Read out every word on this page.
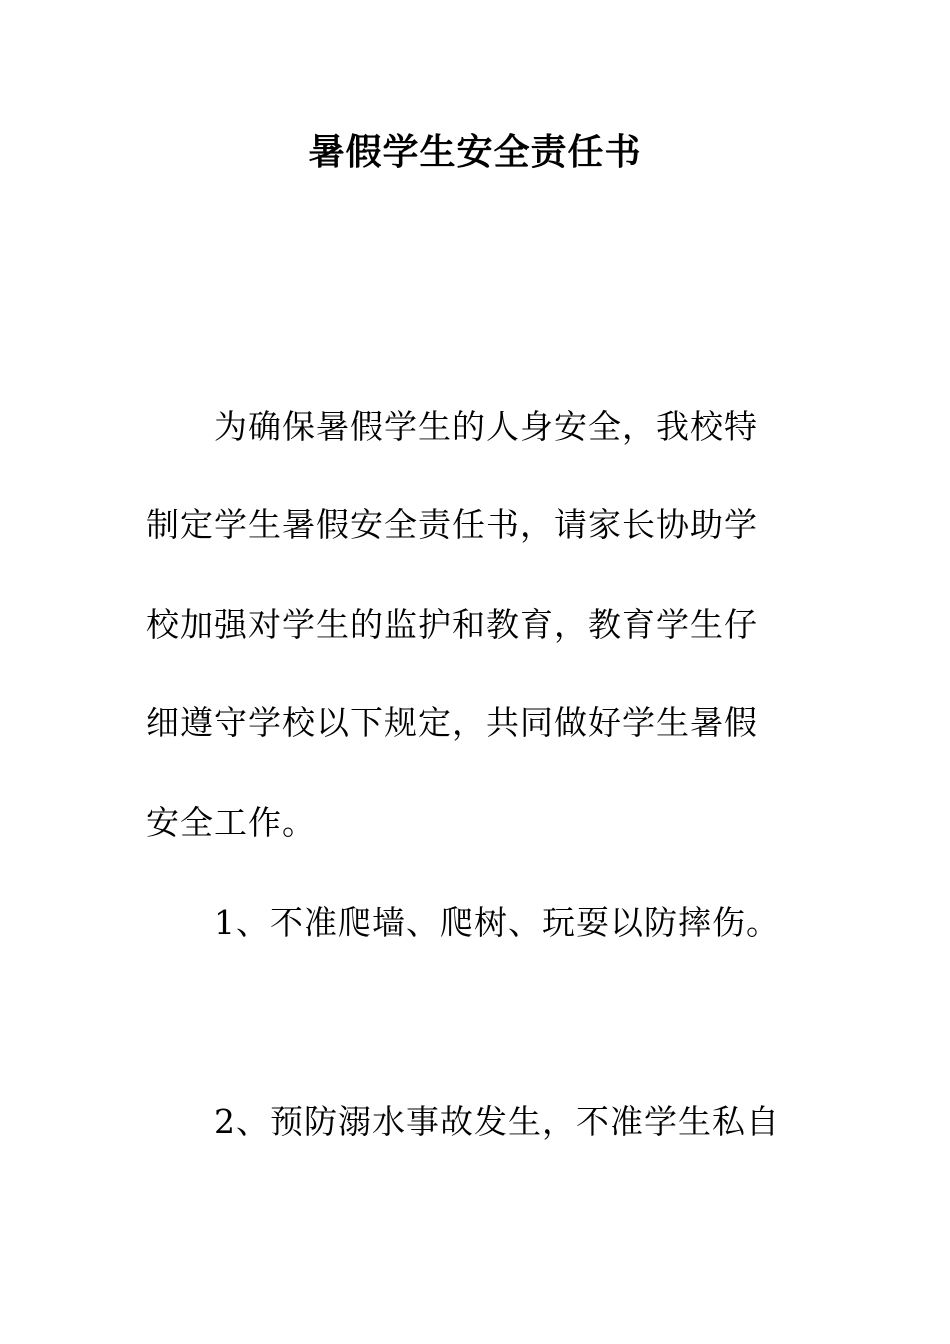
暑假学生安全责任书
为确保暑假学生的人身安全，我校特
制定学生暑假安全责任书，请家长协助学
校加强对学生的监护和教育，教育学生仔
细遵守学校以下规定，共同做好学生暑假
安全工作。
1、不准爬墙、爬树、玩耍以防摔伤。
2、预防溺水事故发生，不准学生私自
